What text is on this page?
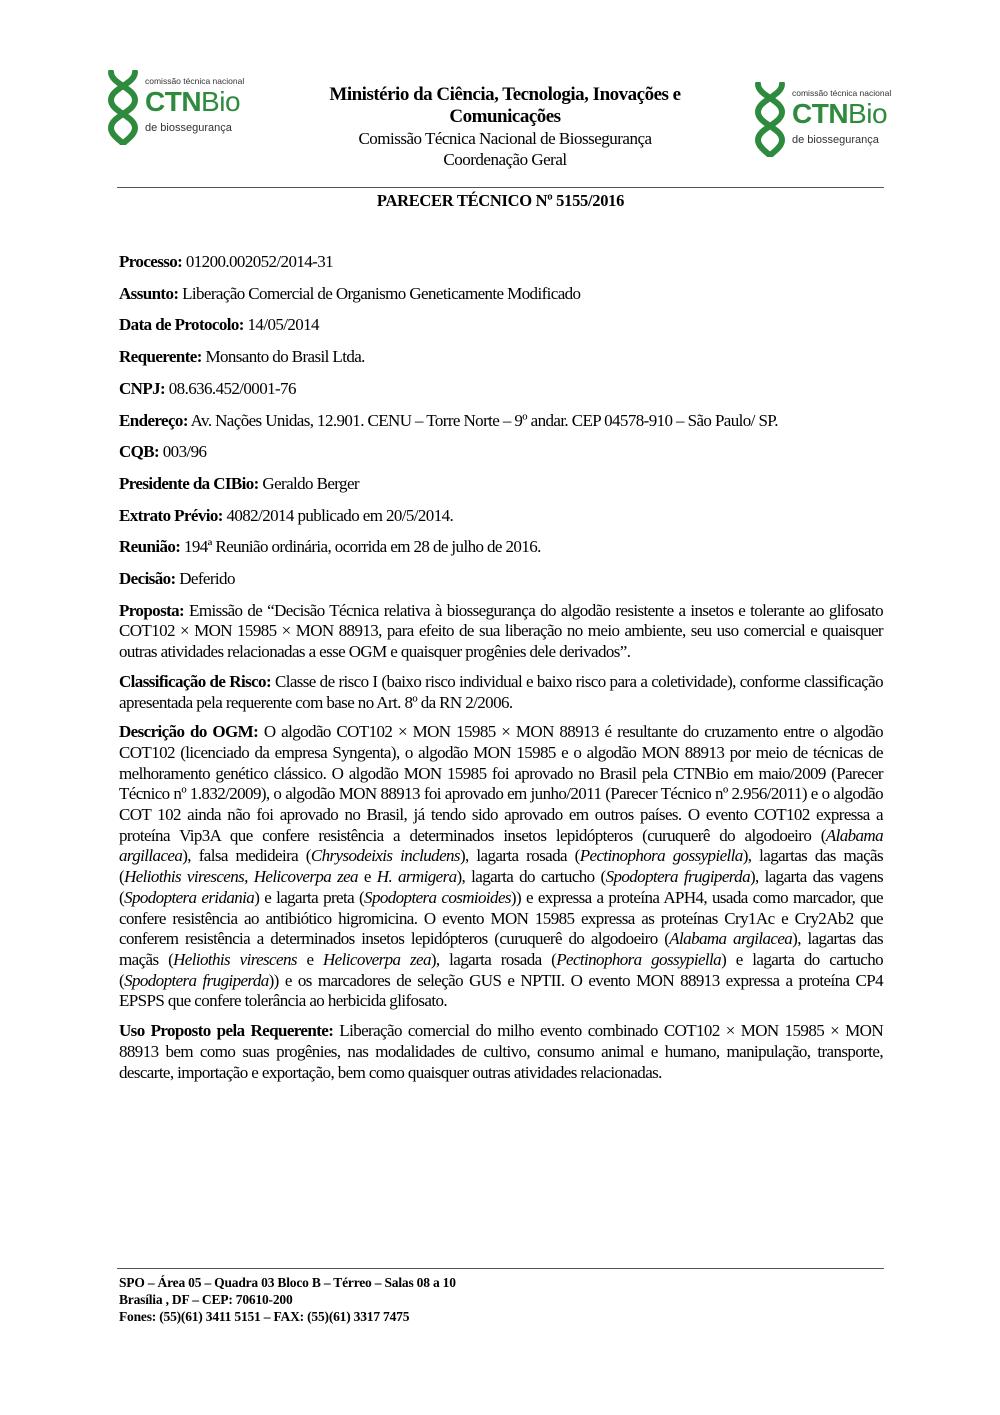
comissão técnica nacional
CTNBio
de biossegurança
Ministério da Ciência, Tecnologia, Inovações e
Comunicações
Comissão Técnica Nacional de Biossegurança
Coordenação Geral
comissão técnica nacional
CTNBio
de biossegurança
PARECER TÉCNICO Nº 5155/2016

Processo: 01200.002052/2014-31

Assunto: Liberação Comercial de Organismo Geneticamente Modificado

Data de Protocolo: 14/05/2014

Requerente: Monsanto do Brasil Ltda.

CNPJ: 08.636.452/0001-76

Endereço: Av. Nações Unidas, 12.901. CENU – Torre Norte – 9º andar. CEP 04578-910 – São Paulo/ SP.

CQB: 003/96

Presidente da CIBio: Geraldo Berger

Extrato Prévio: 4082/2014 publicado em 20/5/2014.

Reunião: 194ª Reunião ordinária, ocorrida em 28 de julho de 2016.

Decisão: Deferido

Proposta: Emissão de “Decisão Técnica relativa à biossegurança do algodão resistente a insetos e tolerante ao glifosato COT102 × MON 15985 × MON 88913, para efeito de sua liberação no meio ambiente, seu uso comercial e quaisquer outras atividades relacionadas a esse OGM e quaisquer progênies dele derivados”.

Classificação de Risco: Classe de risco I (baixo risco individual e baixo risco para a coletividade), conforme classificação apresentada pela requerente com base no Art. 8º da RN 2/2006.

Descrição do OGM: O algodão COT102 × MON 15985 × MON 88913 é resultante do cruzamento entre o algodão COT102 (licenciado da empresa Syngenta), o algodão MON 15985 e o algodão MON 88913 por meio de técnicas de melhoramento genético clássico. O algodão MON 15985 foi aprovado no Brasil pela CTNBio em maio/2009 (Parecer Técnico nº 1.832/2009), o algodão MON 88913 foi aprovado em junho/2011 (Parecer Técnico nº 2.956/2011) e o algodão COT 102 ainda não foi aprovado no Brasil, já tendo sido aprovado em outros países. O evento COT102 expressa a proteína Vip3A que confere resistência a determinados insetos lepidópteros (curuquerê do algodoeiro (Alabama argillacea), falsa medideira (Chrysodeixis includens), lagarta rosada (Pectinophora gossypiella), lagartas das maçãs (Heliothis virescens, Helicoverpa zea e H. armigera), lagarta do cartucho (Spodoptera frugiperda), lagarta das vagens (Spodoptera eridania) e lagarta preta (Spodoptera cosmioides)) e expressa a proteína APH4, usada como marcador, que confere resistência ao antibiótico higromicina. O evento MON 15985 expressa as proteínas Cry1Ac e Cry2Ab2 que conferem resistência a determinados insetos lepidópteros (curuquerê do algodoeiro (Alabama argilacea), lagartas das maçãs (Heliothis virescens e Helicoverpa zea), lagarta rosada (Pectinophora gossypiella) e lagarta do cartucho (Spodoptera frugiperda)) e os marcadores de seleção GUS e NPTII. O evento MON 88913 expressa a proteína CP4 EPSPS que confere tolerância ao herbicida glifosato.

Uso Proposto pela Requerente: Liberação comercial do milho evento combinado COT102 × MON 15985 × MON 88913 bem como suas progênies, nas modalidades de cultivo, consumo animal e humano, manipulação, transporte, descarte, importação e exportação, bem como quaisquer outras atividades relacionadas.

SPO – Área 05 – Quadra 03 Bloco B – Térreo – Salas 08 a 10
Brasília , DF – CEP: 70610-200
Fones: (55)(61) 3411 5151 – FAX: (55)(61) 3317 7475
